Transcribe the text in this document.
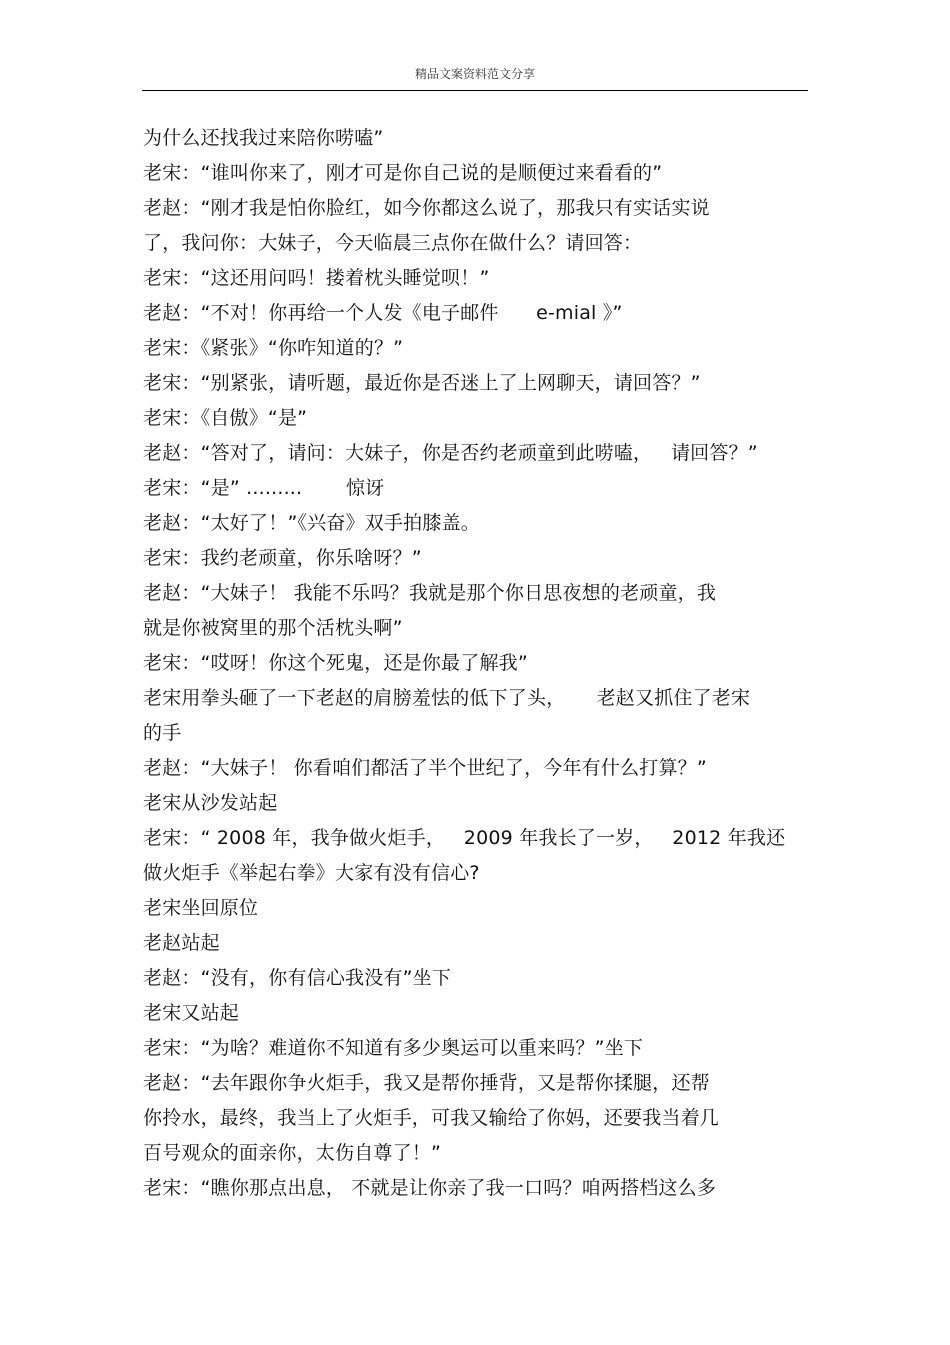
精品文案资料范文分享
为什么还找我过来陪你唠嗑”
老宋：“谁叫你来了，刚才可是你自己说的是顺便过来看看的”
老赵：“刚才我是怕你脸红，如今你都这么说了，那我只有实话实说
了，我问你：大妹子，今天临晨三点你在做什么？请回答：
老宋：“这还用问吗！搂着枕头睡觉呗！”
老赵：“不对！你再给一个人发《电子邮件      e-mial 》”
老宋：《紧张》“你咋知道的？”
老宋：“别紧张，请听题，最近你是否迷上了上网聊天，请回答？”
老宋：《自傲》“是”
老赵：“答对了，请问：大妹子，你是否约老顽童到此唠嗑，   请回答？”
老宋：“是” .........       惊讶
老赵：“太好了！”《兴奋》双手拍膝盖。
老宋：我约老顽童，你乐啥呀？”
老赵：“大妹子！ 我能不乐吗？我就是那个你日思夜想的老顽童，我
就是你被窝里的那个活枕头啊”
老宋：“哎呀！你这个死鬼，还是你最了解我”
老宋用拳头砸了一下老赵的肩膀羞怯的低下了头，     老赵又抓住了老宋
的手
老赵：“大妹子！ 你看咱们都活了半个世纪了，今年有什么打算？”
老宋从沙发站起
老宋：“ 2008 年，我争做火炬手，   2009 年我长了一岁，   2012 年我还
做火炬手《举起右拳》大家有没有信心?
老宋坐回原位
老赵站起
老赵：“没有，你有信心我没有”坐下
老宋又站起
老宋：“为啥？难道你不知道有多少奥运可以重来吗？”坐下
老赵：“去年跟你争火炬手，我又是帮你捶背，又是帮你揉腿，还帮
你拎水，最终，我当上了火炬手，可我又输给了你妈，还要我当着几
百号观众的面亲你，太伤自尊了！”
老宋：“瞧你那点出息， 不就是让你亲了我一口吗？咱两搭档这么多
